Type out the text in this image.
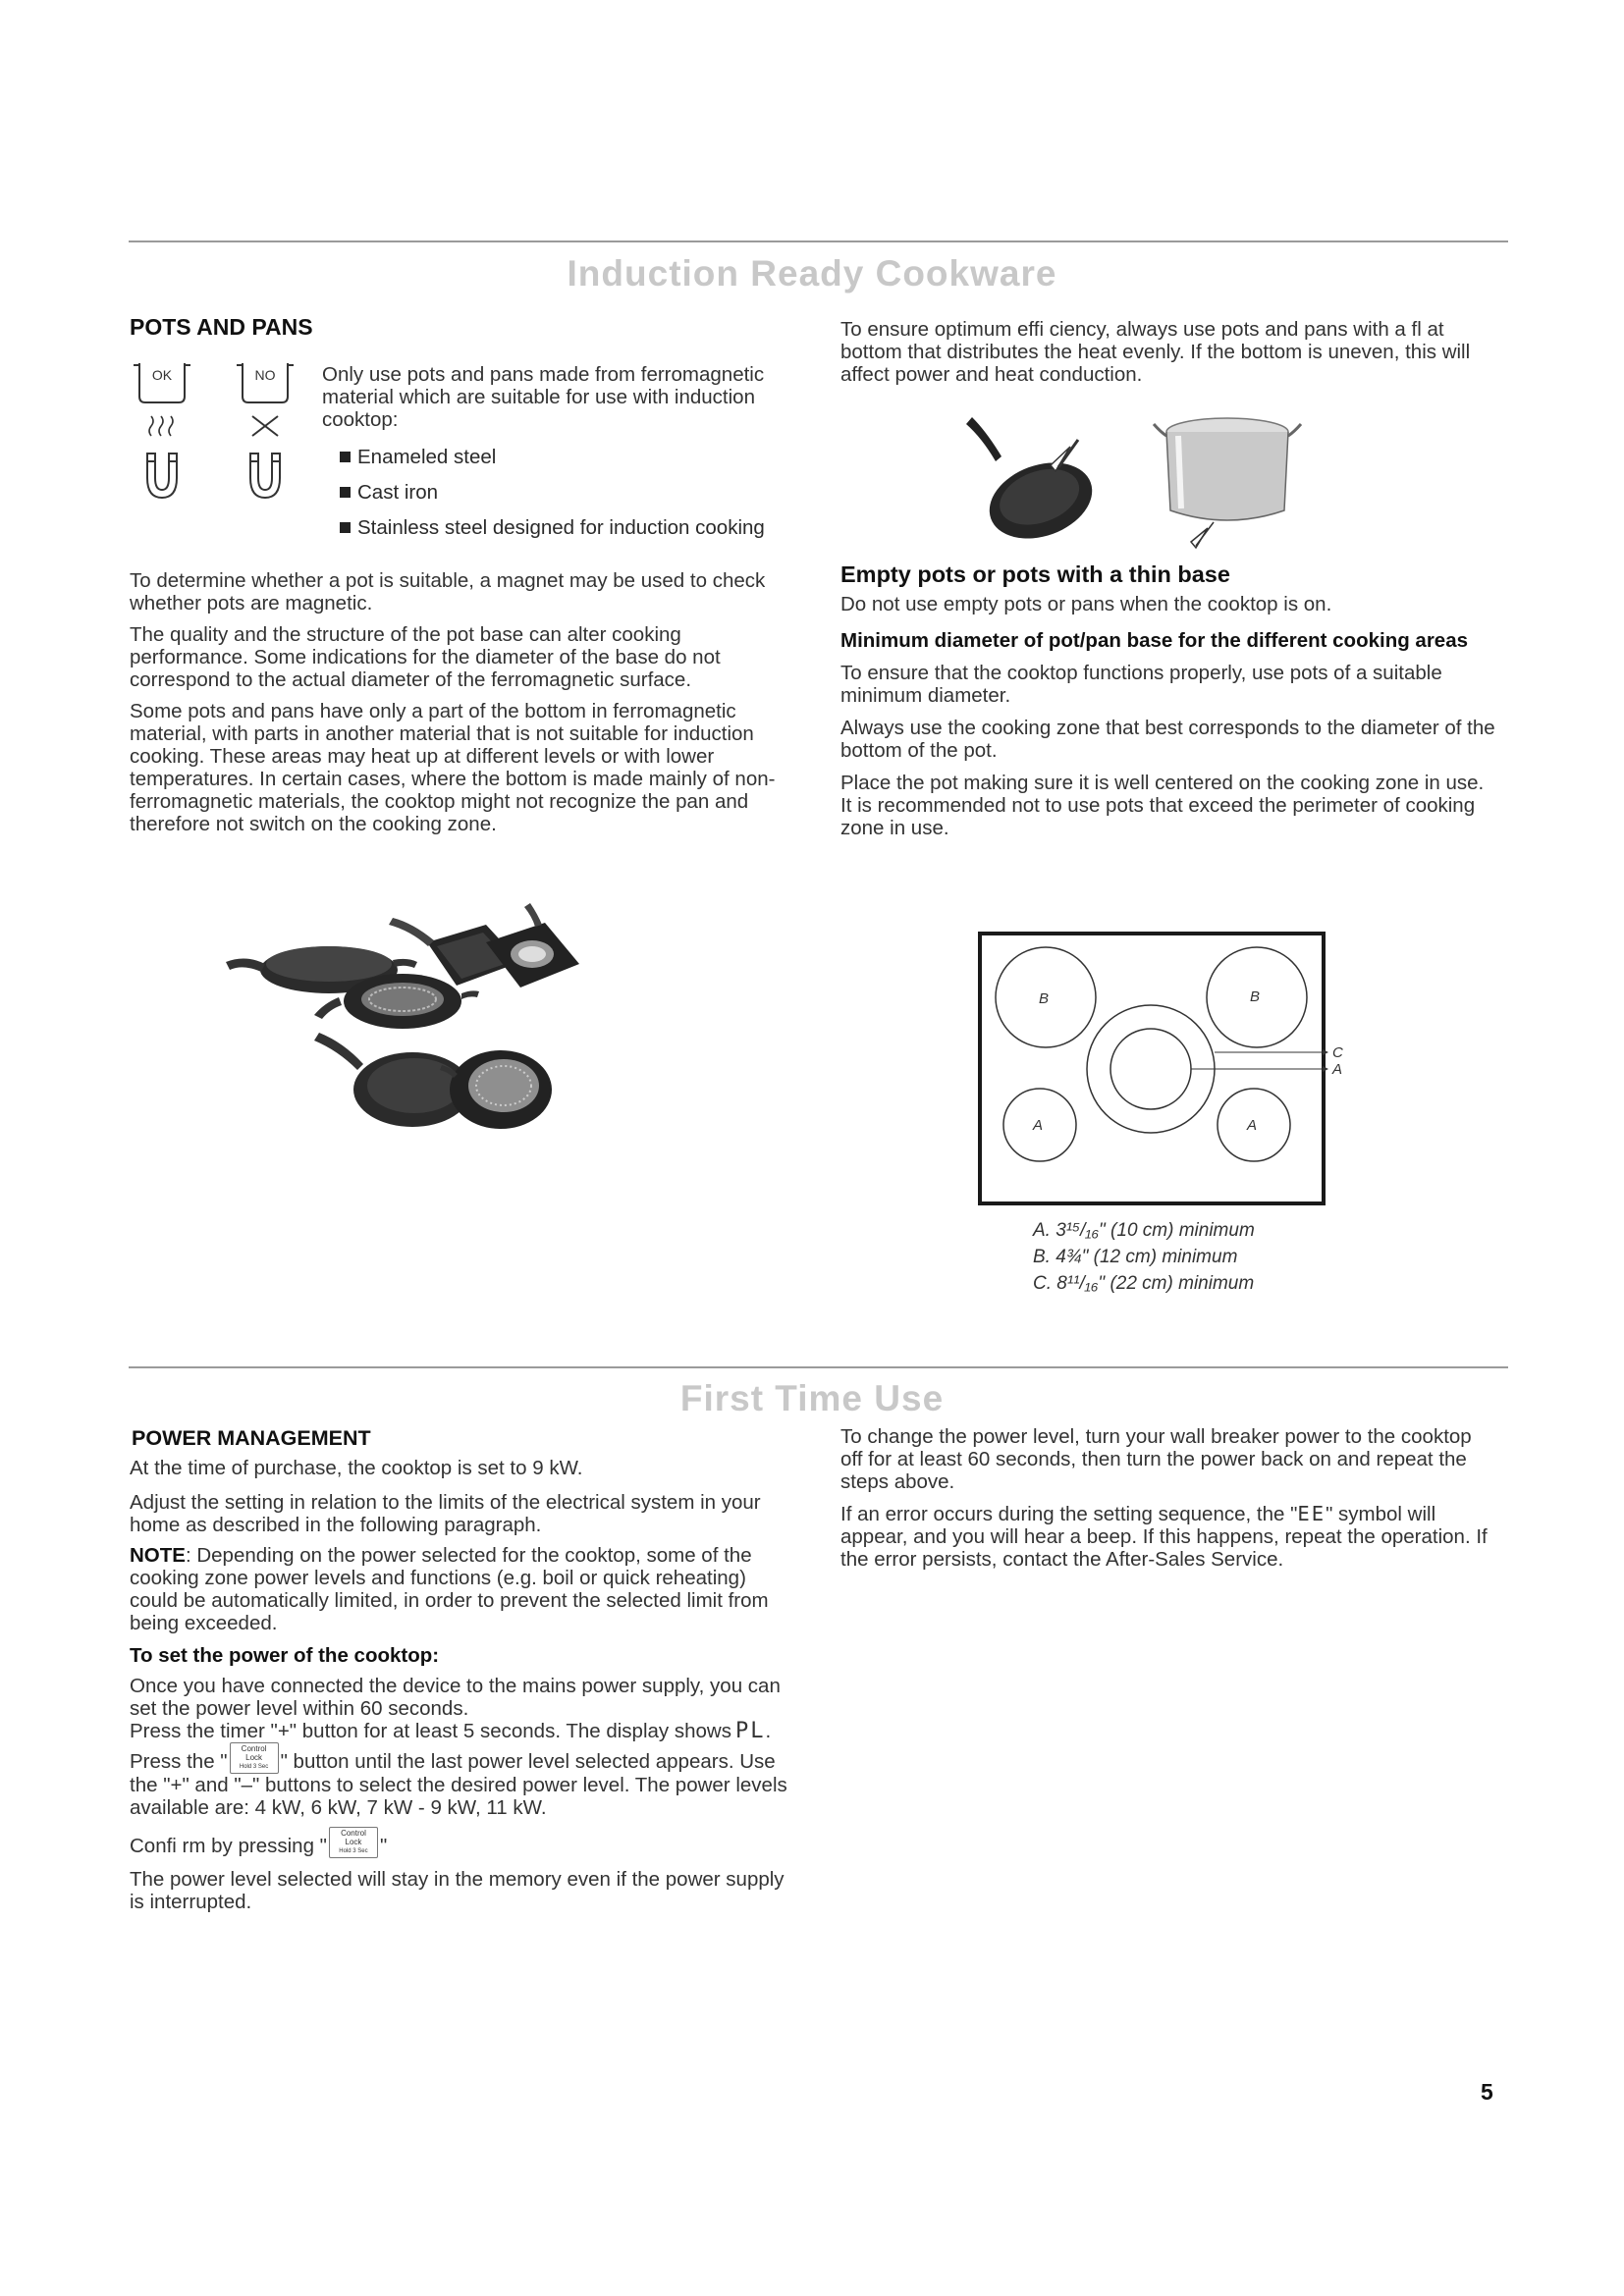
Induction Ready Cookware
POTS AND PANS
OK	NO Only use pots and pans made from ferromagnetic material which are suitable for use with induction cooktop:
Enameled steel
Cast iron
Stainless steel designed for induction cooking

To determine whether a pot is suitable, a magnet may be used to check whether pots are magnetic.

The quality and the structure of the pot base can alter cooking performance. Some indications for the diameter of the base do not correspond to the actual diameter of the ferromagnetic surface.

Some pots and pans have only a part of the bottom in ferromagnetic material, with parts in another material that is not suitable for induction cooking. These areas may heat up at different levels or with lower temperatures. In certain cases, where the bottom is made mainly of non-ferromagnetic materials, the cooktop might not recognize the pan and therefore not switch on the cooking zone.

To ensure optimum effi ciency, always use pots and pans with a fl at bottom that distributes the heat evenly. If the bottom is uneven, this will affect power and heat conduction.
Empty pots or pots with a thin base

Do not use empty pots or pans when the cooktop is on.

Minimum diameter of pot/pan base for the different cooking areas

To ensure that the cooktop functions properly, use pots of a suitable minimum diameter.

Always use the cooking zone that best corresponds to the diameter of the bottom of the pot.

Place the pot making sure it is well centered on the cooking zone in use. It is recommended not to use pots that exceed the perimeter of cooking zone in use.

B	B
A	A
C
A
A. 3¹⁵/₁₆" (10 cm) minimum
B. 4¾" (12 cm) minimum
C. 8¹¹/₁₆" (22 cm) minimum
First Time Use
POWER MANAGEMENT

At the time of purchase, the cooktop is set to 9 kW.

Adjust the setting in relation to the limits of the electrical system in your home as described in the following paragraph.

NOTE: Depending on the power selected for the cooktop, some of the cooking zone power levels and functions (e.g. boil or quick reheating) could be automatically limited, in order to prevent the selected limit from being exceeded.

To set the power of the cooktop:

Once you have connected the device to the mains power supply, you can set the power level within 60 seconds.

Press the timer "+" button for at least 5 seconds. The display shows PL.

Press the "
Control
Lock
Hold 3 Sec " button until the last power level selected appears. Use the "+" and "–" buttons to select the desired power level. The power levels available are: 4 kW, 6 kW, 7 kW - 9 kW, 11 kW.

Confi rm by pressing "
Control
Lock
Hold 3 Sec "

The power level selected will stay in the memory even if the power supply is interrupted.

To change the power level, turn your wall breaker power to the cooktop off for at least 60 seconds, then turn the power back on and repeat the steps above.

If an error occurs during the setting sequence, the "EE" symbol will appear, and you will hear a beep. If this happens, repeat the operation. If the error persists, contact the After-Sales Service.

5
